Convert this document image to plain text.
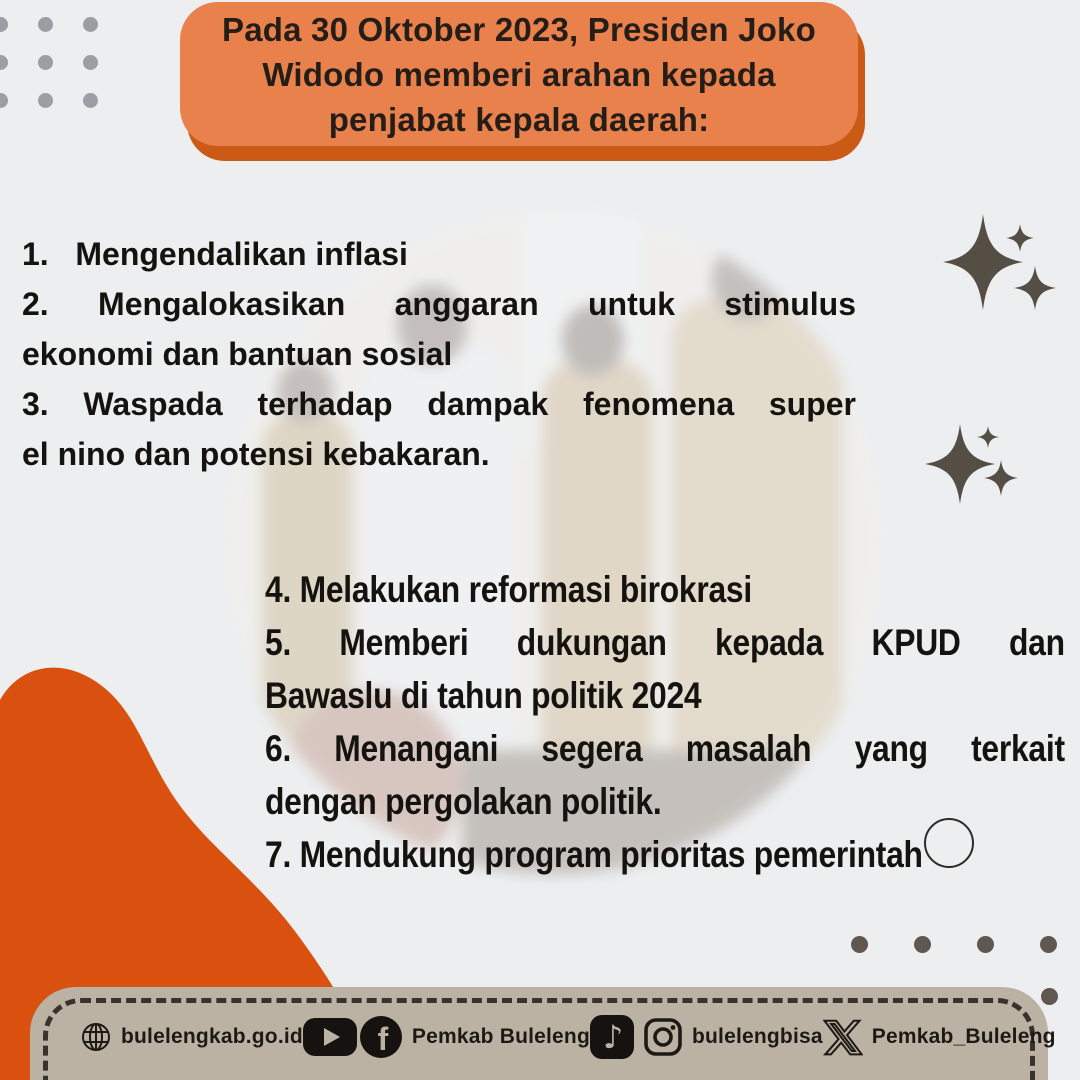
Pada 30 Oktober 2023, Presiden Joko
Widodo memberi arahan kepada
penjabat kepala daerah:
1.   Mengendalikan inflasi
2. Mengalokasikan anggaran untuk stimulus
ekonomi dan bantuan sosial
3. Waspada terhadap dampak fenomena super
el nino dan potensi kebakaran.
4. Melakukan reformasi birokrasi
5. Memberi dukungan kepada KPUD dan
Bawaslu di tahun politik 2024
6. Menangani segera masalah yang terkait
dengan pergolakan politik.
7. Mendukung program prioritas pemerintah
bulelengkab.go.id f Pemkab Buleleng ♪	bulelengbisa Pemkab_Buleleng
